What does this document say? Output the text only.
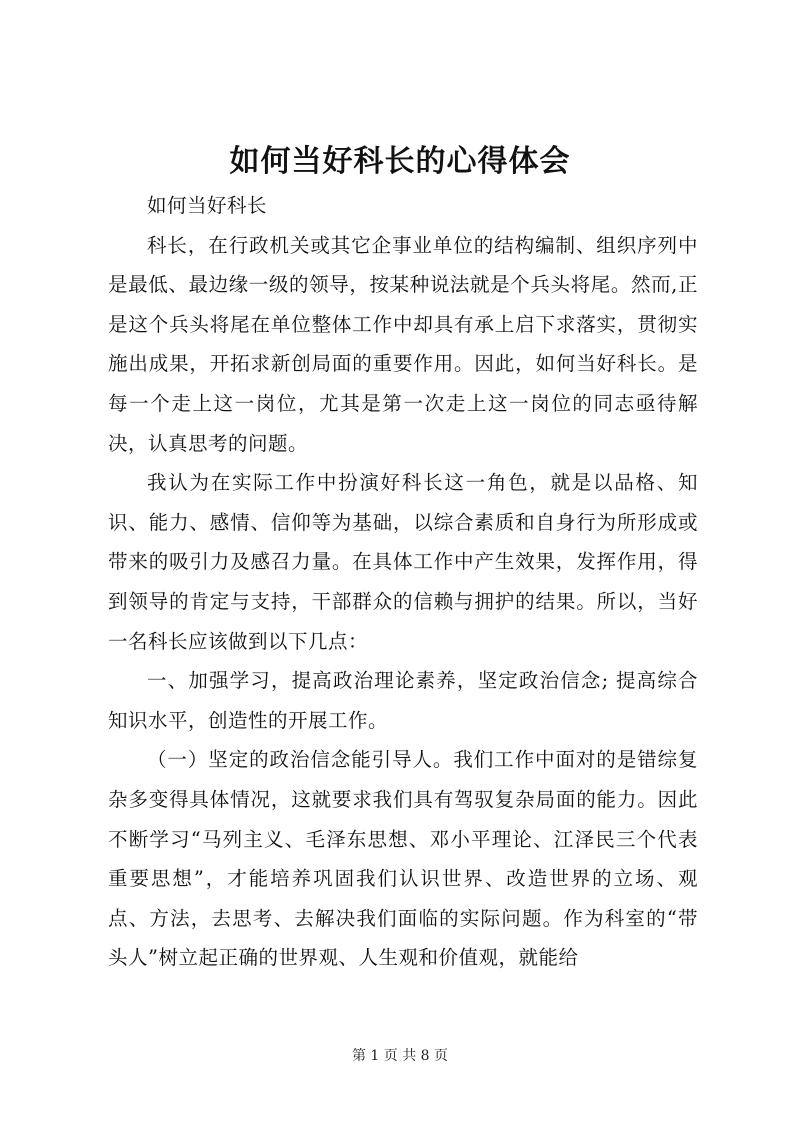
如何当好科长的心得体会

如何当好科长

科长，在行政机关或其它企事业单位的结构编制、组织序列中是最低、最边缘一级的领导，按某种说法就是个兵头将尾。然而,正是这个兵头将尾在单位整体工作中却具有承上启下求落实，贯彻实施出成果，开拓求新创局面的重要作用。因此，如何当好科长。是每一个走上这一岗位，尤其是第一次走上这一岗位的同志亟待解决，认真思考的问题。

我认为在实际工作中扮演好科长这一角色，就是以品格、知识、能力、感情、信仰等为基础，以综合素质和自身行为所形成或带来的吸引力及感召力量。在具体工作中产生效果，发挥作用，得到领导的肯定与支持，干部群众的信赖与拥护的结果。所以，当好一名科长应该做到以下几点：

一、加强学习，提高政治理论素养，坚定政治信念; 提高综合知识水平，创造性的开展工作。

（一）坚定的政治信念能引导人。我们工作中面对的是错综复杂多变得具体情况，这就要求我们具有驾驭复杂局面的能力。因此不断学习“马列主义、毛泽东思想、邓小平理论、江泽民三个代表重要思想”，才能培养巩固我们认识世界、改造世界的立场、观点、方法，去思考、去解决我们面临的实际问题。作为科室的“带头人”树立起正确的世界观、人生观和价值观，就能给

第 1 页 共 8 页
